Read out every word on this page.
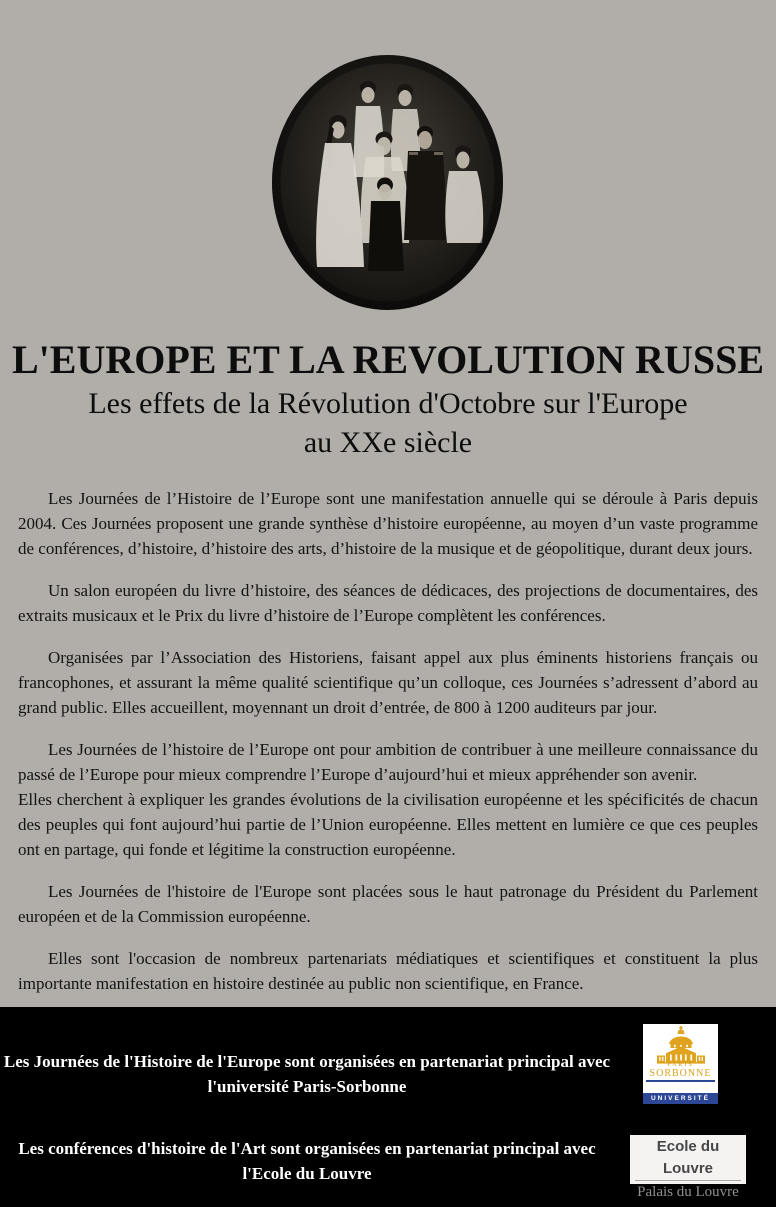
L'EUROPE ET LA REVOLUTION RUSSE
Les effets de la Révolution d'Octobre sur l'Europe
au XXe siècle

Les Journées de l’Histoire de l’Europe sont une manifestation annuelle qui se déroule à Paris depuis 2004. Ces Journées proposent une grande synthèse d’histoire européenne, au moyen d’un vaste programme de conférences, d’histoire, d’histoire des arts, d’histoire de la musique et de géopolitique, durant deux jours.

Un salon européen du livre d’histoire, des séances de dédicaces, des projections de documentaires, des extraits musicaux et le Prix du livre d’histoire de l’Europe complètent les conférences.

Organisées par l’Association des Historiens, faisant appel aux plus éminents historiens français ou francophones, et assurant la même qualité scientifique qu’un colloque, ces Journées s’adressent d’abord au grand public. Elles accueillent, moyennant un droit d’entrée, de 800 à 1200 auditeurs par jour.

Les Journées de l’histoire de l’Europe ont pour ambition de contribuer à une meilleure connaissance du passé de l’Europe pour mieux comprendre l’Europe d’aujourd’hui et mieux appréhender son avenir.

Elles cherchent à expliquer les grandes évolutions de la civilisation européenne et les spécificités de chacun des peuples qui font aujourd’hui partie de l’Union européenne. Elles mettent en lumière ce que ces peuples ont en partage, qui fonde et légitime la construction européenne.

Les Journées de l'histoire de l'Europe sont placées sous le haut patronage du Président du Parlement européen et de la Commission européenne.

Elles sont l'occasion de nombreux partenariats médiatiques et scientifiques et constituent la plus importante manifestation en histoire destinée au public non scientifique, en France.

Les Journées de l'Histoire de l'Europe sont organisées en partenariat principal avec
l'université Paris-Sorbonne
PARIS
SORBONNE
UNIVERSITÉ
Les conférences d'histoire de l'Art sont organisées en partenariat principal avec
l'Ecole du Louvre
Ecole du Louvre
Palais du Louvre
